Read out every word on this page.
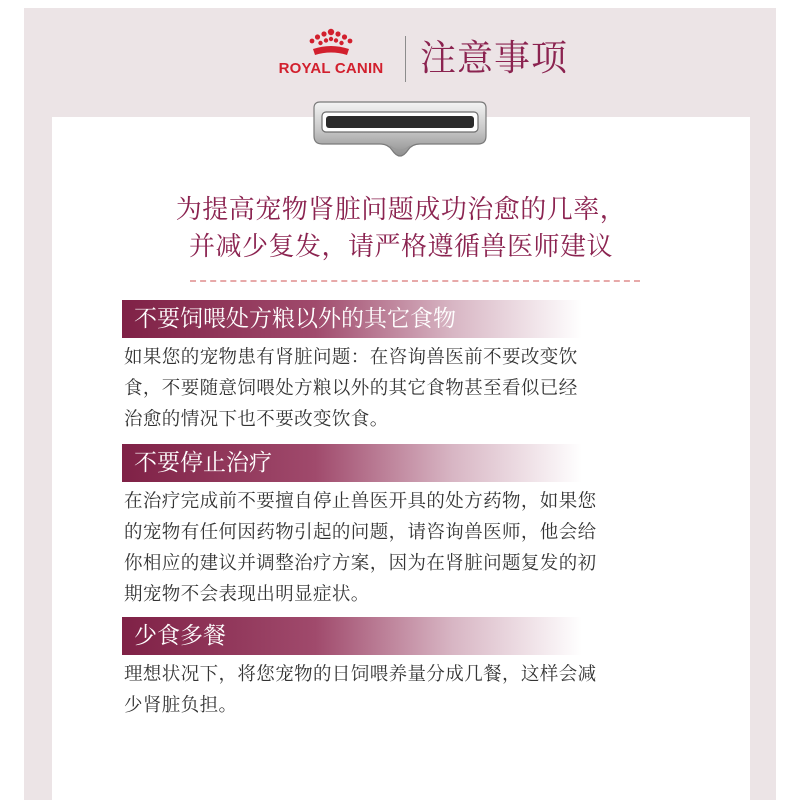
ROYAL CANIN	注意事项
为提高宠物肾脏问题成功治愈的几率，
并减少复发，请严格遵循兽医师建议
不要饲喂处方粮以外的其它食物
如果您的宠物患有肾脏问题：在咨询兽医前不要改变饮
食，不要随意饲喂处方粮以外的其它食物甚至看似已经
治愈的情况下也不要改变饮食。
不要停止治疗
在治疗完成前不要擅自停止兽医开具的处方药物，如果您
的宠物有任何因药物引起的问题，请咨询兽医师，他会给
你相应的建议并调整治疗方案，因为在肾脏问题复发的初
期宠物不会表现出明显症状。
少食多餐
理想状况下，将您宠物的日饲喂养量分成几餐，这样会减
少肾脏负担。
